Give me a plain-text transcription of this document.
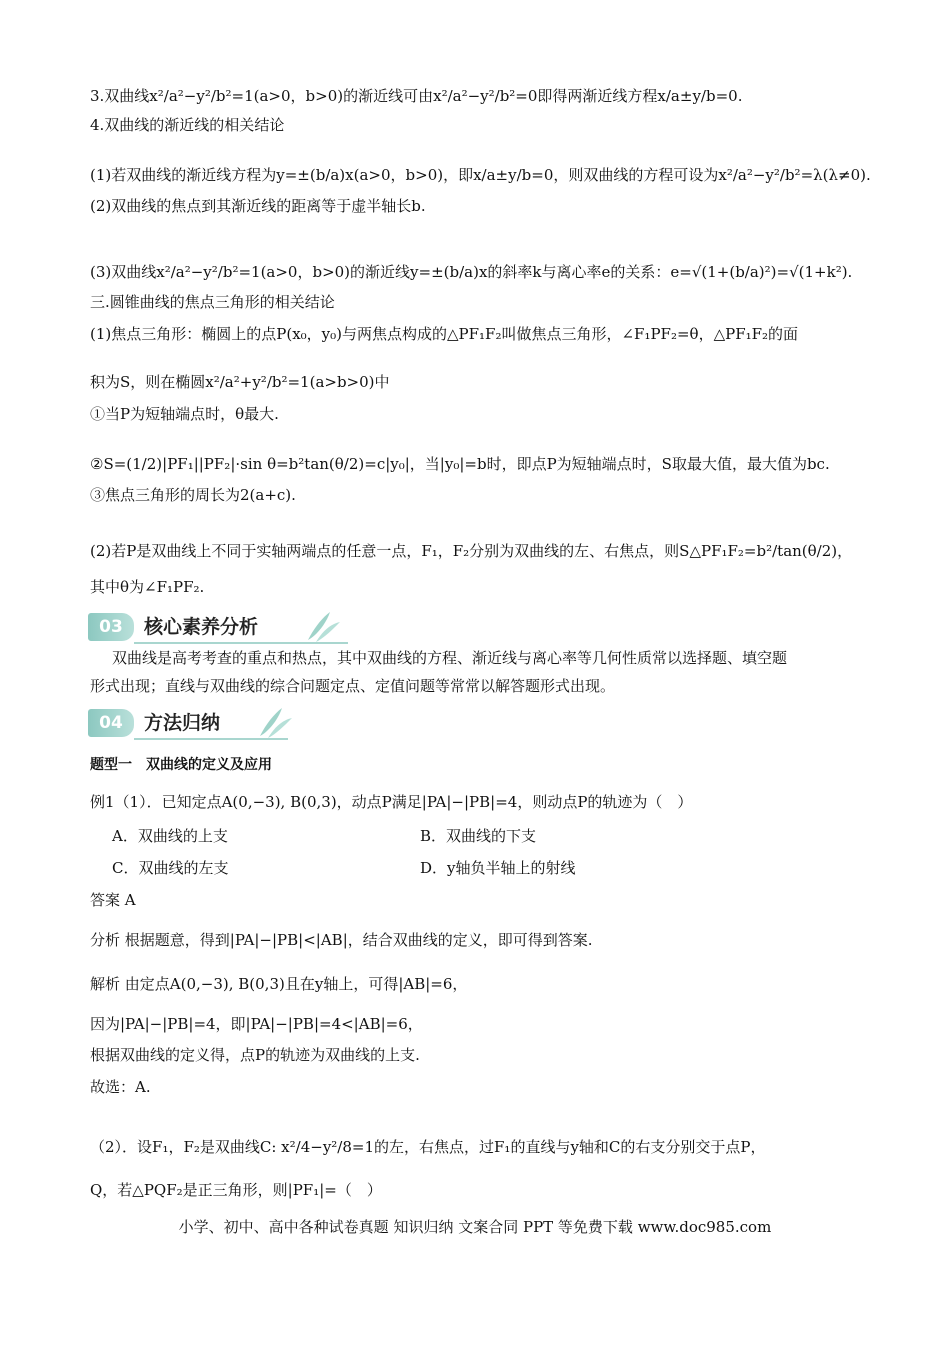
3.双曲线x²/a²−y²/b²=1(a>0，b>0)的渐近线可由x²/a²−y²/b²=0即得两渐近线方程x/a±y/b=0.
4.双曲线的渐近线的相关结论
(1)若双曲线的渐近线方程为y=±(b/a)x(a>0，b>0)，即x/a±y/b=0，则双曲线的方程可设为x²/a²−y²/b²=λ(λ≠0).
(2)双曲线的焦点到其渐近线的距离等于虚半轴长b.
(3)双曲线x²/a²−y²/b²=1(a>0，b>0)的渐近线y=±(b/a)x的斜率k与离心率e的关系：e=√(1+(b/a)²)=√(1+k²).
三.圆锥曲线的焦点三角形的相关结论
(1)焦点三角形：椭圆上的点P(x₀，y₀)与两焦点构成的△PF₁F₂叫做焦点三角形，∠F₁PF₂=θ，△PF₁F₂的面
积为S，则在椭圆x²/a²+y²/b²=1(a>b>0)中
①当P为短轴端点时，θ最大.
②S=(1/2)|PF₁||PF₂|·sin θ=b²tan(θ/2)=c|y₀|，当|y₀|=b时，即点P为短轴端点时，S取最大值，最大值为bc.
③焦点三角形的周长为2(a+c).
(2)若P是双曲线上不同于实轴两端点的任意一点，F₁，F₂分别为双曲线的左、右焦点，则S△PF₁F₂=b²/tan(θ/2)，
其中θ为∠F₁PF₂.
03	核心素养分析
双曲线是高考考查的重点和热点，其中双曲线的方程、渐近线与离心率等几何性质常以选择题、填空题
形式出现；直线与双曲线的综合问题定点、定值问题等常常以解答题形式出现。
04	方法归纳
题型一　双曲线的定义及应用
例1（1）．已知定点A(0,−3), B(0,3)，动点P满足|PA|−|PB|=4，则动点P的轨迹为（　）
A．双曲线的上支	B．双曲线的下支
C．双曲线的左支	D．y轴负半轴上的射线
答案 A
分析 根据题意，得到|PA|−|PB|<|AB|，结合双曲线的定义，即可得到答案.
解析 由定点A(0,−3), B(0,3)且在y轴上，可得|AB|=6，
因为|PA|−|PB|=4，即|PA|−|PB|=4<|AB|=6，
根据双曲线的定义得，点P的轨迹为双曲线的上支.
故选：A.
（2）．设F₁，F₂是双曲线C: x²/4−y²/8=1的左，右焦点，过F₁的直线与y轴和C的右支分别交于点P，
Q，若△PQF₂是正三角形，则|PF₁|=（　）
小学、初中、高中各种试卷真题 知识归纳 文案合同 PPT 等免费下载 www.doc985.com
